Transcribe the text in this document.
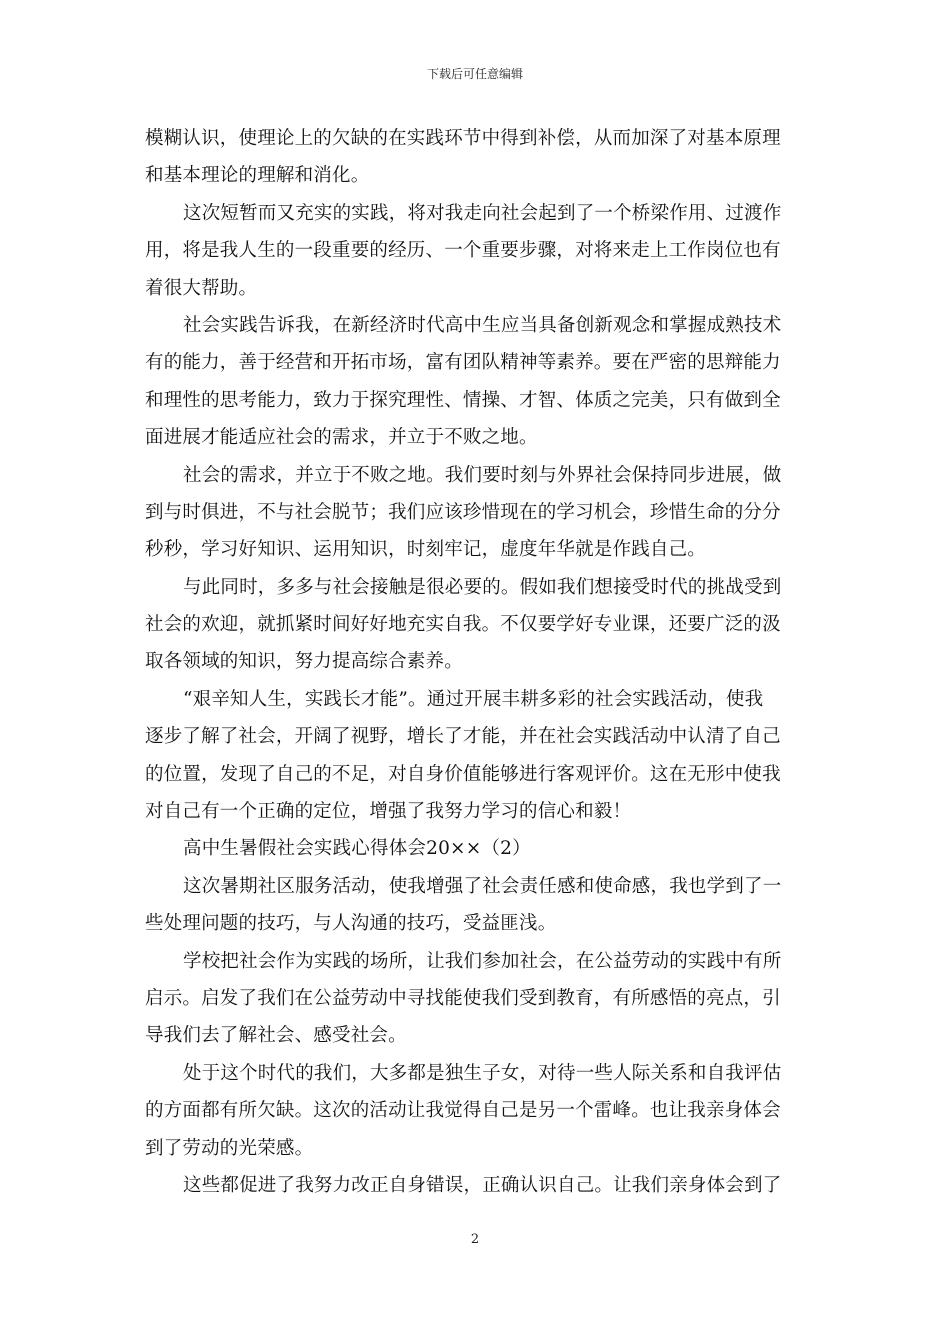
下载后可任意编辑
模糊认识，使理论上的欠缺的在实践环节中得到补偿，从而加深了对基本原理
和基本理论的理解和消化。
这次短暂而又充实的实践，将对我走向社会起到了一个桥梁作用、过渡作
用，将是我人生的一段重要的经历、一个重要步骤，对将来走上工作岗位也有
着很大帮助。
社会实践告诉我，在新经济时代高中生应当具备创新观念和掌握成熟技术
有的能力，善于经营和开拓市场，富有团队精神等素养。要在严密的思辩能力
和理性的思考能力，致力于探究理性、情操、才智、体质之完美，只有做到全
面进展才能适应社会的需求，并立于不败之地。
社会的需求，并立于不败之地。我们要时刻与外界社会保持同步进展，做
到与时俱进，不与社会脱节；我们应该珍惜现在的学习机会，珍惜生命的分分
秒秒，学习好知识、运用知识，时刻牢记，虚度年华就是作践自己。
与此同时，多多与社会接触是很必要的。假如我们想接受时代的挑战受到
社会的欢迎，就抓紧时间好好地充实自我。不仅要学好专业课，还要广泛的汲
取各领域的知识，努力提高综合素养。
“艰辛知人生，实践长才能”。通过开展丰耕多彩的社会实践活动，使我
逐步了解了社会，开阔了视野，增长了才能，并在社会实践活动中认清了自己
的位置，发现了自己的不足，对自身价值能够进行客观评价。这在无形中使我
对自己有一个正确的定位，增强了我努力学习的信心和毅！
高中生暑假社会实践心得体会20××（2）
这次暑期社区服务活动，使我增强了社会责任感和使命感，我也学到了一
些处理问题的技巧，与人沟通的技巧，受益匪浅。
学校把社会作为实践的场所，让我们参加社会，在公益劳动的实践中有所
启示。启发了我们在公益劳动中寻找能使我们受到教育，有所感悟的亮点，引
导我们去了解社会、感受社会。
处于这个时代的我们，大多都是独生子女，对待一些人际关系和自我评估
的方面都有所欠缺。这次的活动让我觉得自己是另一个雷峰。也让我亲身体会
到了劳动的光荣感。
这些都促进了我努力改正自身错误，正确认识自己。让我们亲身体会到了
2
